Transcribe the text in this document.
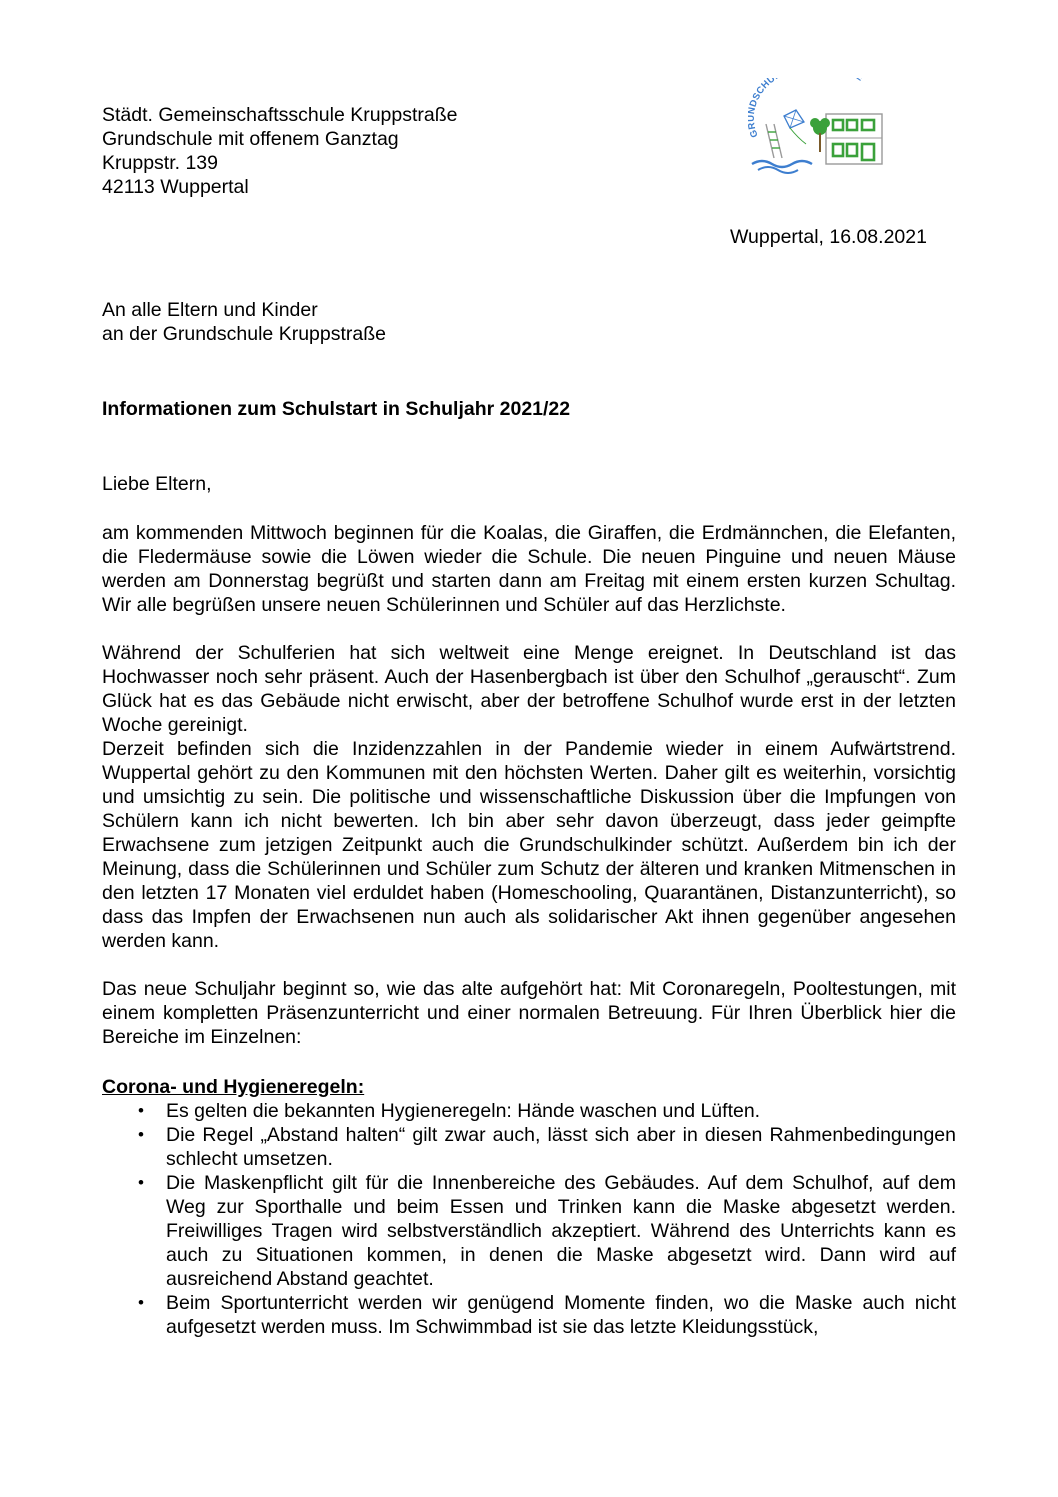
Städt. Gemeinschaftsschule Kruppstraße
Grundschule mit offenem Ganztag
Kruppstr. 139
42113 Wuppertal
G DSCHU
Wuppertal, 16.08.2021
An alle Eltern und Kinder
an der Grundschule Kruppstraße
Informationen zum Schulstart in Schuljahr 2021/22
Liebe Eltern,

am kommenden Mittwoch beginnen für die Koalas, die Giraffen, die Erdmännchen, die Elefanten, die Fledermäuse sowie die Löwen wieder die Schule. Die neuen Pinguine und neuen Mäuse werden am Donnerstag begrüßt und starten dann am Freitag mit einem ersten kurzen Schultag. Wir alle begrüßen unsere neuen Schülerinnen und Schüler auf das Herzlichste.

Während der Schulferien hat sich weltweit eine Menge ereignet. In Deutschland ist das Hochwasser noch sehr präsent. Auch der Hasenbergbach ist über den Schulhof „gerauscht“. Zum Glück hat es das Gebäude nicht erwischt, aber der betroffene Schulhof wurde erst in der letzten Woche gereinigt.

Derzeit befinden sich die Inzidenzzahlen in der Pandemie wieder in einem Aufwärtstrend. Wuppertal gehört zu den Kommunen mit den höchsten Werten. Daher gilt es weiterhin, vorsichtig und umsichtig zu sein. Die politische und wissenschaftliche Diskussion über die Impfungen von Schülern kann ich nicht bewerten. Ich bin aber sehr davon überzeugt, dass jeder geimpfte Erwachsene zum jetzigen Zeitpunkt auch die Grundschulkinder schützt. Außerdem bin ich der Meinung, dass die Schülerinnen und Schüler zum Schutz der älteren und kranken Mitmenschen in den letzten 17 Monaten viel erduldet haben (Homeschooling, Quarantänen, Distanzunterricht), so dass das Impfen der Erwachsenen nun auch als solidarischer Akt ihnen gegenüber angesehen werden kann.

Das neue Schuljahr beginnt so, wie das alte aufgehört hat: Mit Coronaregeln, Pooltestungen, mit einem kompletten Präsenzunterricht und einer normalen Betreuung. Für Ihren Überblick hier die Bereiche im Einzelnen:

Corona- und Hygieneregeln:
• Es gelten die bekannten Hygieneregeln: Hände waschen und Lüften.
• Die Regel „Abstand halten“ gilt zwar auch, lässt sich aber in diesen Rahmenbedingungen schlecht umsetzen.
• Die Maskenpflicht gilt für die Innenbereiche des Gebäudes. Auf dem Schulhof, auf dem Weg zur Sporthalle und beim Essen und Trinken kann die Maske abgesetzt werden. Freiwilliges Tragen wird selbstverständlich akzeptiert. Während des Unterrichts kann es auch zu Situationen kommen, in denen die Maske abgesetzt wird. Dann wird auf ausreichend Abstand geachtet.
• Beim Sportunterricht werden wir genügend Momente finden, wo die Maske auch nicht aufgesetzt werden muss. Im Schwimmbad ist sie das letzte Kleidungsstück,
